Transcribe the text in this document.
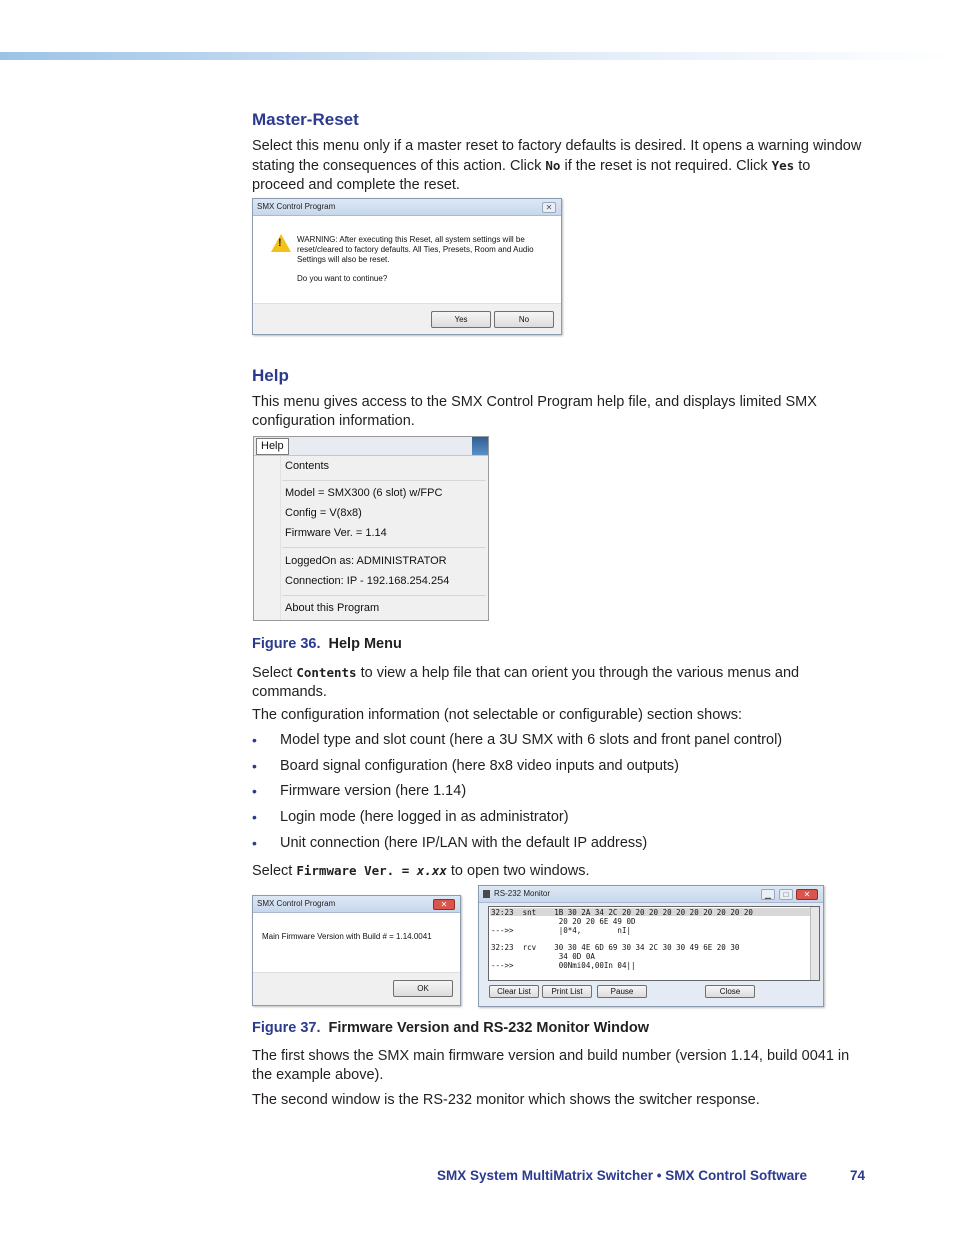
Master-Reset
Select this menu only if a master reset to factory defaults is desired. It opens a warning window stating the consequences of this action. Click No if the reset is not required. Click Yes to proceed and complete the reset.
SMX Control Program	✕
! WARNING: After executing this Reset, all system settings will be
reset/cleared to factory defaults. All Ties, Presets, Room and Audio
Settings will also be reset.
Do you want to continue?
Yes	No
Help
This menu gives access to the SMX Control Program help file, and displays limited SMX configuration information.
Help
Contents
Model = SMX300 (6 slot) w/FPC
Config = V(8x8)
Firmware Ver. = 1.14
LoggedOn as: ADMINISTRATOR
Connection: IP - 192.168.254.254
About this Program
Figure 36. Help Menu
Select Contents to view a help file that can orient you through the various menus and commands.
The configuration information (not selectable or configurable) section shows:
• Model type and slot count (here a 3U SMX with 6 slots and front panel control)
• Board signal configuration (here 8x8 video inputs and outputs)
• Firmware version (here 1.14)
• Login mode (here logged in as administrator)
• Unit connection (here IP/LAN with the default IP address)
Select Firmware Ver. = x.xx to open two windows.
SMX Control Program	✕
Main Firmware Version with Build # = 1.14.0041
OK
RS-232 Monitor	▁	□	✕
32:23  snt    1B 30 2A 34 2C 20 20 20 20 20 20 20 20 20 20
20 20 20 6E 49 0D
--->>          |0*4,        nI|
32:23  rcv    30 30 4E 6D 69 30 34 2C 30 30 49 6E 20 30
34 0D 0A
--->>          00Nmi04,00In 04||
Clear List	Print List	Pause	Close
Figure 37. Firmware Version and RS-232 Monitor Window
The first shows the SMX main firmware version and build number (version 1.14, build 0041 in the example above).
The second window is the RS-232 monitor which shows the switcher response.
SMX System MultiMatrix Switcher • SMX Control Software	74
